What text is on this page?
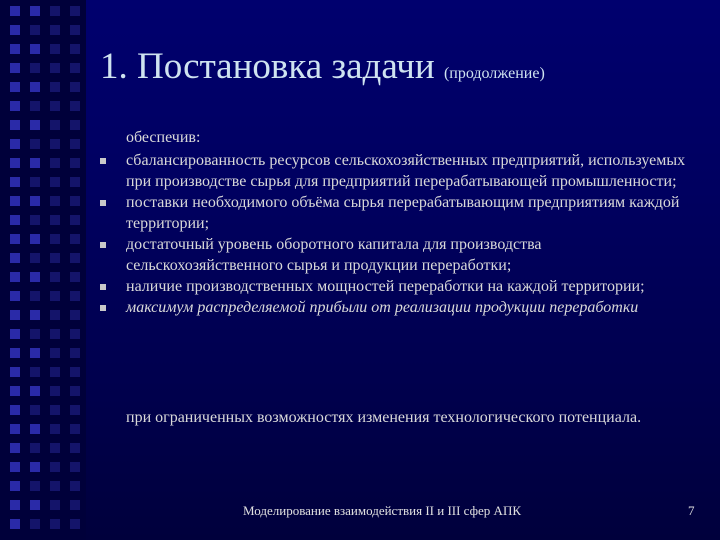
1. Постановка задачи (продолжение)
обеспечив:
сбалансированность ресурсов сельскохозяйственных предприятий, используемых при производстве сырья для предприятий перерабатывающей промышленности;
поставки необходимого объёма сырья перерабатывающим предприятиям каждой территории;
достаточный уровень оборотного капитала для производства сельскохозяйственного сырья и продукции переработки;
наличие производственных мощностей переработки на каждой территории;
максимум распределяемой прибыли от реализации продукции переработки
при ограниченных возможностях изменения технологического потенциала.
Моделирование взаимодействия II и III сфер АПК	7
